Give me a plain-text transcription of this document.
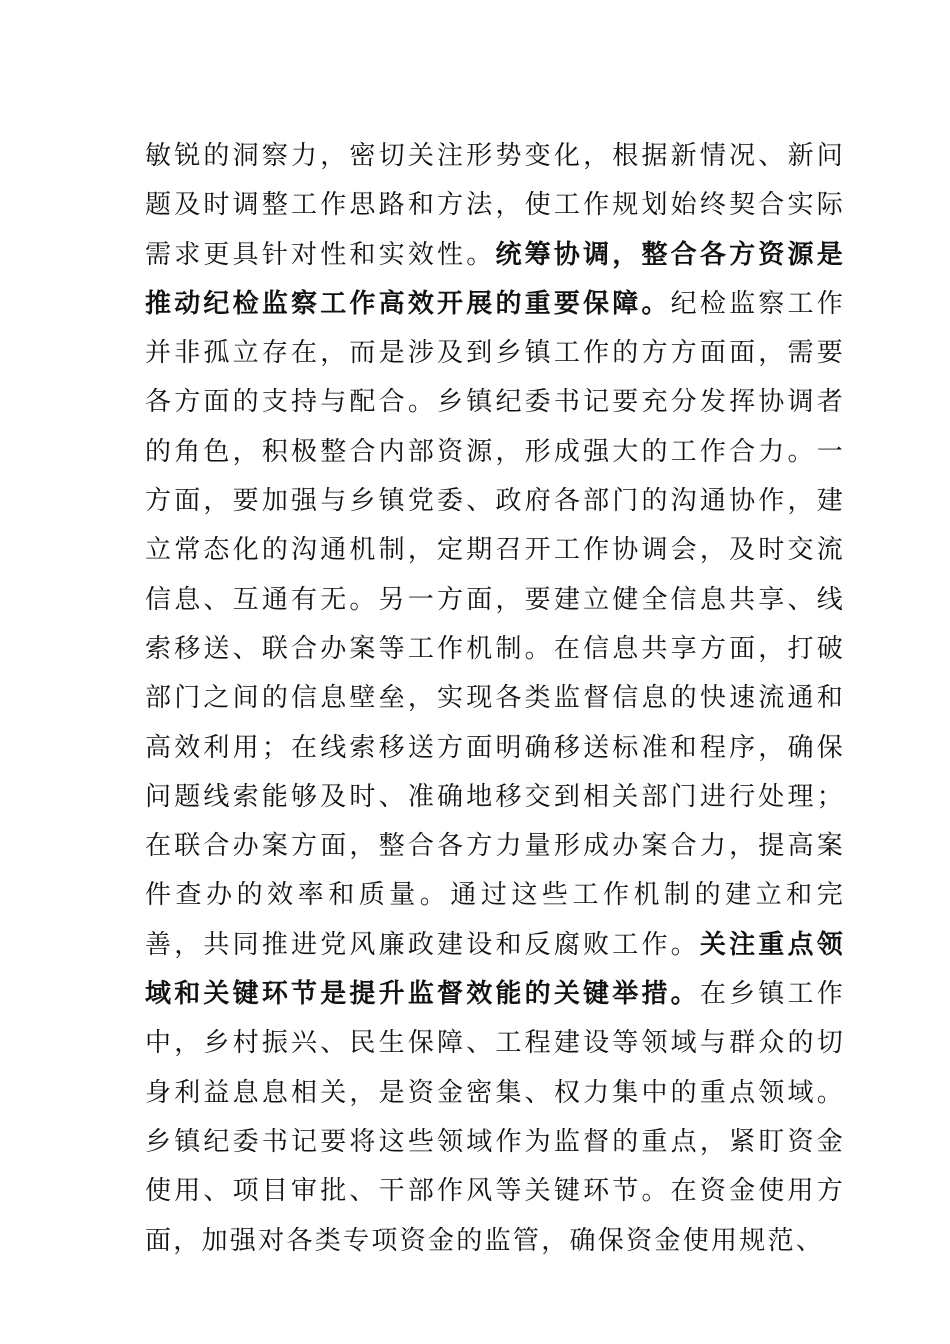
敏锐的洞察力，密切关注形势变化，根据新情况、新问题及时调整工作思路和方法，使工作规划始终契合实际需求更具针对性和实效性。统筹协调，整合各方资源是推动纪检监察工作高效开展的重要保障。纪检监察工作并非孤立存在，而是涉及到乡镇工作的方方面面，需要各方面的支持与配合。乡镇纪委书记要充分发挥协调者的角色，积极整合内部资源，形成强大的工作合力。一方面，要加强与乡镇党委、政府各部门的沟通协作，建立常态化的沟通机制，定期召开工作协调会，及时交流信息、互通有无。另一方面，要建立健全信息共享、线索移送、联合办案等工作机制。在信息共享方面，打破部门之间的信息壁垒，实现各类监督信息的快速流通和高效利用；在线索移送方面明确移送标准和程序，确保问题线索能够及时、准确地移交到相关部门进行处理；在联合办案方面，整合各方力量形成办案合力，提高案件查办的效率和质量。通过这些工作机制的建立和完善，共同推进党风廉政建设和反腐败工作。关注重点领域和关键环节是提升监督效能的关键举措。在乡镇工作中，乡村振兴、民生保障、工程建设等领域与群众的切身利益息息相关，是资金密集、权力集中的重点领域。乡镇纪委书记要将这些领域作为监督的重点，紧盯资金使用、项目审批、干部作风等关键环节。在资金使用方面，加强对各类专项资金的监管，确保资金使用规范、
